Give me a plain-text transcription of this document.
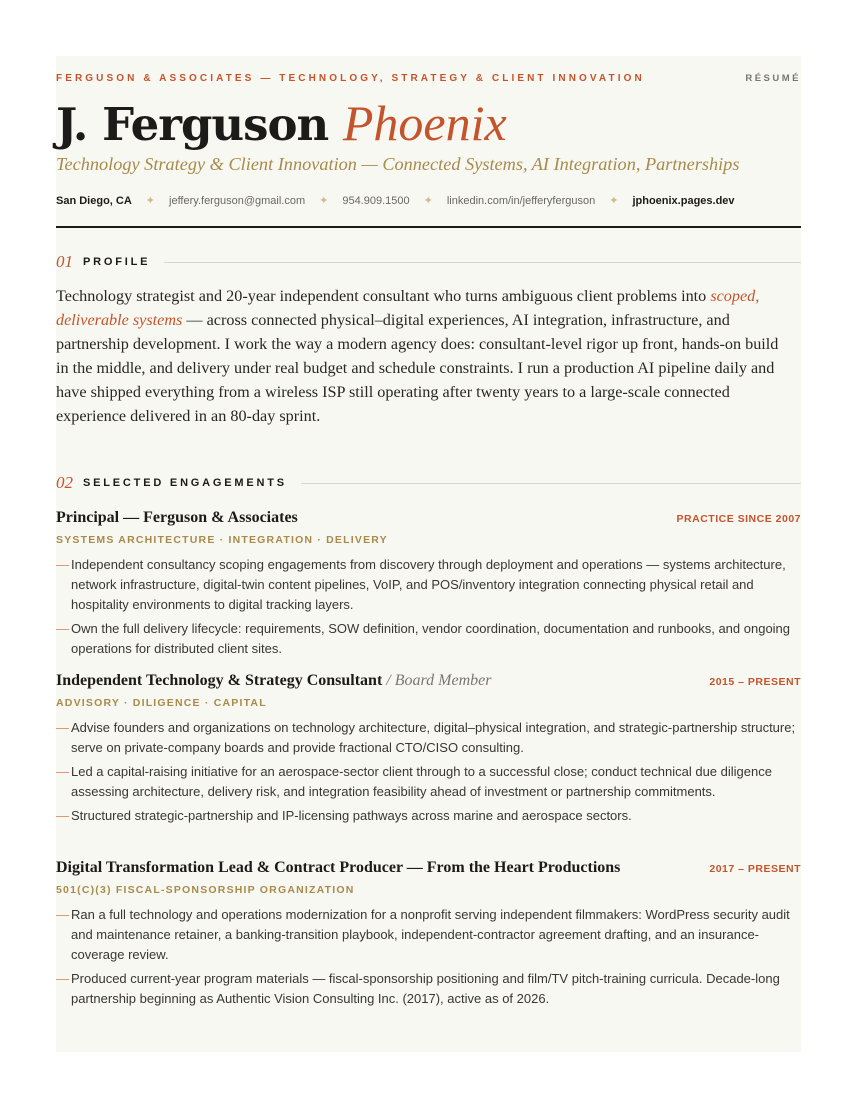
FERGUSON & ASSOCIATES — TECHNOLOGY, STRATEGY & CLIENT INNOVATION	RÉSUMÉ
J. Ferguson Phoenix
Technology Strategy & Client Innovation — Connected Systems, AI Integration, Partnerships
San Diego, CA ✦ jeffery.ferguson@gmail.com ✦ 954.909.1500 ✦ linkedin.com/in/jefferyferguson ✦ jphoenix.pages.dev
01 PROFILE
Technology strategist and 20-year independent consultant who turns ambiguous client problems into scoped, deliverable systems — across connected physical–digital experiences, AI integration, infrastructure, and partnership development. I work the way a modern agency does: consultant-level rigor up front, hands-on build in the middle, and delivery under real budget and schedule constraints. I run a production AI pipeline daily and have shipped everything from a wireless ISP still operating after twenty years to a large-scale connected experience delivered in an 80-day sprint.
02 SELECTED ENGAGEMENTS
Principal — Ferguson & Associates	PRACTICE SINCE 2007
SYSTEMS ARCHITECTURE · INTEGRATION · DELIVERY
— Independent consultancy scoping engagements from discovery through deployment and operations — systems architecture, network infrastructure, digital-twin content pipelines, VoIP, and POS/inventory integration connecting physical retail and hospitality environments to digital tracking layers.
— Own the full delivery lifecycle: requirements, SOW definition, vendor coordination, documentation and runbooks, and ongoing operations for distributed client sites.
Independent Technology & Strategy Consultant / Board Member	2015 – PRESENT
ADVISORY · DILIGENCE · CAPITAL
— Advise founders and organizations on technology architecture, digital–physical integration, and strategic-partnership structure; serve on private-company boards and provide fractional CTO/CISO consulting.
— Led a capital-raising initiative for an aerospace-sector client through to a successful close; conduct technical due diligence assessing architecture, delivery risk, and integration feasibility ahead of investment or partnership commitments.
— Structured strategic-partnership and IP-licensing pathways across marine and aerospace sectors.
Digital Transformation Lead & Contract Producer — From the Heart Productions	2017 – PRESENT
501(C)(3) FISCAL-SPONSORSHIP ORGANIZATION
— Ran a full technology and operations modernization for a nonprofit serving independent filmmakers: WordPress security audit and maintenance retainer, a banking-transition playbook, independent-contractor agreement drafting, and an insurance-coverage review.
— Produced current-year program materials — fiscal-sponsorship positioning and film/TV pitch-training curricula. Decade-long partnership beginning as Authentic Vision Consulting Inc. (2017), active as of 2026.
